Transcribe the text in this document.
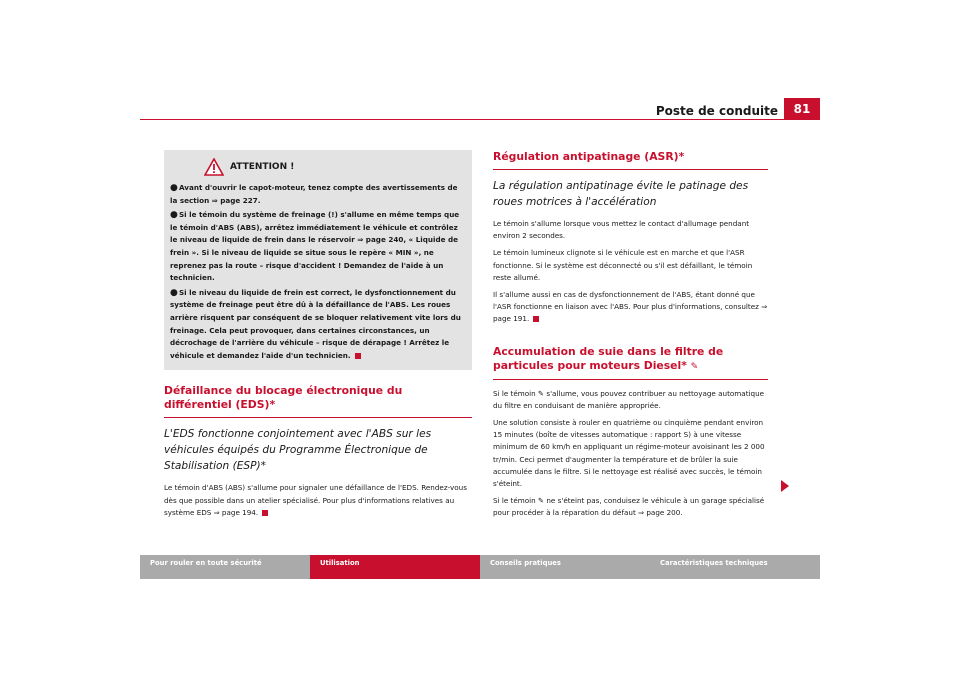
Poste de conduite	81
ATTENTION !

●Avant d'ouvrir le capot-moteur, tenez compte des avertissements de la section ⇒ page 227.

●Si le témoin du système de freinage (!) s'allume en même temps que le témoin d'ABS (ABS), arrêtez immédiatement le véhicule et contrôlez le niveau de liquide de frein dans le réservoir ⇒ page 240, « Liquide de frein ». Si le niveau de liquide se situe sous le repère « MIN », ne reprenez pas la route – risque d'accident ! Demandez de l'aide à un technicien.

●Si le niveau du liquide de frein est correct, le dysfonctionnement du système de freinage peut être dû à la défaillance de l'ABS. Les roues arrière risquent par conséquent de se bloquer relativement vite lors du freinage. Cela peut provoquer, dans certaines circonstances, un décrochage de l'arrière du véhicule – risque de dérapage ! Arrêtez le véhicule et demandez l'aide d'un technicien.

Défaillance du blocage électronique du différentiel (EDS)*
L'EDS fonctionne conjointement avec l'ABS sur les véhicules équipés du Programme Électronique de Stabilisation (ESP)*

Le témoin d'ABS (ABS) s'allume pour signaler une défaillance de l'EDS. Rendez-vous dès que possible dans un atelier spécialisé. Pour plus d'informations relatives au système EDS ⇒ page 194.

Régulation antipatinage (ASR)*
La régulation antipatinage évite le patinage des roues motrices à l'accélération

Le témoin s'allume lorsque vous mettez le contact d'allumage pendant environ 2 secondes.

Le témoin lumineux clignote si le véhicule est en marche et que l'ASR fonctionne. Si le système est déconnecté ou s'il est défaillant, le témoin reste allumé.

Il s'allume aussi en cas de dysfonctionnement de l'ABS, étant donné que l'ASR fonctionne en liaison avec l'ABS. Pour plus d'informations, consultez ⇒ page 191.

Accumulation de suie dans le filtre de particules pour moteurs Diesel* ✎

Si le témoin ✎ s'allume, vous pouvez contribuer au nettoyage automatique du filtre en conduisant de manière appropriée.

Une solution consiste à rouler en quatrième ou cinquième pendant environ 15 minutes (boîte de vitesses automatique : rapport S) à une vitesse minimum de 60 km/h en appliquant un régime-moteur avoisinant les 2 000 tr/min. Ceci permet d'augmenter la température et de brûler la suie accumulée dans le filtre. Si le nettoyage est réalisé avec succès, le témoin s'éteint.

Si le témoin ✎ ne s'éteint pas, conduisez le véhicule à un garage spécialisé pour procéder à la réparation du défaut ⇒ page 200.

Pour rouler en toute sécurité	Utilisation	Conseils pratiques	Caractéristiques techniques
